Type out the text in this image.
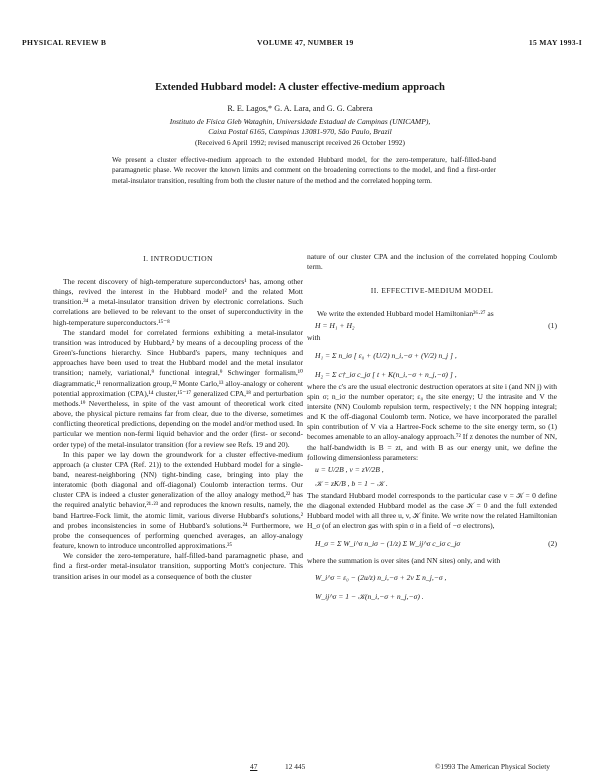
PHYSICAL REVIEW B	VOLUME 47, NUMBER 19	15 MAY 1993-I
Extended Hubbard model: A cluster effective-medium approach
R. E. Lagos,* G. A. Lara, and G. G. Cabrera
Instituto de Física Gleb Wataghin, Universidade Estadual de Campinas (UNICAMP),
Caixa Postal 6165, Campinas 13081-970, São Paulo, Brazil
(Received 6 April 1992; revised manuscript received 26 October 1992)
We present a cluster effective-medium approach to the extended Hubbard model, for the zero-temperature, half-filled-band paramagnetic phase. We recover the known limits and comment on the broadening corrections to the model, and find a first-order metal-insulator transition, resulting from both the cluster nature of the method and the correlated hopping term.
I. INTRODUCTION

The recent discovery of high-temperature superconductors¹ has, among other things, revived the interest in the Hubbard model² and the related Mott transition.³⁴ a metal-insulator transition driven by electronic correlations. Such correlations are believed to be relevant to the onset of superconductivity in the high-temperature superconductors.¹⁵⁻⁸

The standard model for correlated fermions exhibiting a metal-insulator transition was introduced by Hubbard,² by means of a decoupling process of the Green's-functions hierarchy. Since Hubbard's papers, many techniques and approaches have been used to treat the Hubbard model and the metal insulator transition; namely, variational,⁹ functional integral,⁹ Schwinger formalism,¹⁰ diagrammatic,¹¹ renormalization group,¹² Monte Carlo,¹³ alloy-analogy or coherent potential approximation (CPA),¹⁴ cluster,¹⁵⁻¹⁷ generalized CPA,¹⁸ and perturbation methods.¹⁹ Nevertheless, in spite of the vast amount of theoretical work cited above, the physical picture remains far from clear, due to the diverse, sometimes conflicting theoretical predictions, depending on the model and/or method used. In particular we mention non-fermi liquid behavior and the order (first- or second-order type) of the metal-insulator transition (for a review see Refs. 19 and 20).

In this paper we lay down the groundwork for a cluster effective-medium approach (a cluster CPA (Ref. 21)) to the extended Hubbard model for a single-band, nearest-neighboring (NN) tight-binding case, bringing into play the interatomic (both diagonal and off-diagonal) Coulomb interaction terms. Our cluster CPA is indeed a cluster generalization of the alloy analogy method,²² has the required analytic behavior,²¹·²³ and reproduces the known results, namely, the band Hartree-Fock limit, the atomic limit, various diverse Hubbard's solutions,² and probes inconsistencies in some of Hubbard's solutions.²⁴ Furthermore, we probe the consequences of performing quenched averages, an alloy-analogy feature, known to introduce uncontrolled approximations.²⁵

We consider the zero-temperature, half-filled-band paramagnetic phase, and find a first-order metal-insulator transition, supporting Mott's conjecture. This transition arises in our model as a consequence of both the cluster

nature of our cluster CPA and the inclusion of the correlated hopping Coulomb term.

II. EFFECTIVE-MEDIUM MODEL

We write the extended Hubbard model Hamiltonian²⁶·²⁷ as

H = H₁ + H₂	(1)

with

H₁ = Σ n_iσ [ ε₀ + (U/2) n_i,−σ + (V/2) n_j ] ,
H₂ = Σ c†_iσ c_jσ [ t + K(n_i,−σ + n_j,−σ) ] ,

where the c's are the usual electronic destruction operators at site i (and NN j) with spin σ; n_iσ the number operator; ε₀ the site energy; U the intrasite and V the intersite (NN) Coulomb repulsion term, respectively; t the NN hopping integral; and K the off-diagonal Coulomb term. Notice, we have incorporated the parallel spin contribution of V via a Hartree-Fock scheme to the site energy term, so (1) becomes amenable to an alloy-analogy approach.⁷² If z denotes the number of NN, the half-bandwidth is B = zt, and with B as our energy unit, we define the following dimensionless parameters:

u = U/2B , v = zV/2B ,
𝒦 = zK/B , b = 1 − 𝒦 .

The standard Hubbard model corresponds to the particular case v = 𝒦 = 0 define the diagonal extended Hubbard model as the case 𝒦 = 0 and the full extended Hubbard model with all three u, v, 𝒦 finite. We write now the related Hamiltonian H_σ (of an electron gas with spin σ in a field of −σ electrons),

H_σ = Σ W_i^σ n_iσ − (1/z) Σ W_ij^σ c_iσ c_jσ	(2)

where the summation is over sites (and NN sites) only, and with

W_i^σ = ε₀ − (2u/z) n_i,−σ + 2v Σ n_j,−σ ,
W_ij^σ = 1 − 𝒦(n_i,−σ + n_j,−σ) .
47	12 445	©1993 The American Physical Society
